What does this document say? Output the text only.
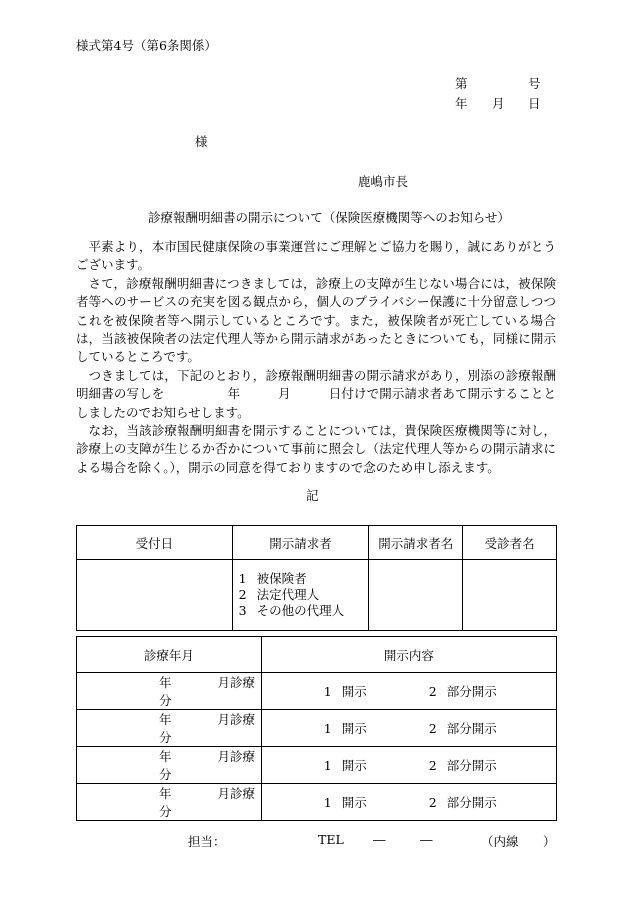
様式第4号（第6条関係）
第	号
年 月 日
様
鹿嶋市長
診療報酬明細書の開示について（保険医療機関等へのお知らせ）

平素より，本市国民健康保険の事業運営にご理解とご協力を賜り，誠にありがとうございます。

さて，診療報酬明細書につきましては，診療上の支障が生じない場合には，被保険者等へのサービスの充実を図る観点から，個人のプライバシー保護に十分留意しつつこれを被保険者等へ開示しているところです。また，被保険者が死亡している場合は，当該被保険者の法定代理人等から開示請求があったときについても，同様に開示しているところです。

つきましては，下記のとおり，診療報酬明細書の開示請求があり，別添の診療報酬明細書の写しを　　　　　年　　　月　　　日付けで開示請求者あて開示することとしましたのでお知らせします。

なお，当該診療報酬明細書を開示することについては，貴保険医療機関等に対し，診療上の支障が生じるか否かについて事前に照会し（法定代理人等からの開示請求による場合を除く。），開示の同意を得ておりますので念のため申し添えます。

記
受付日	開示請求者	開示請求者名	受診者名

	1 被保険者
2 法定代理人
3 その他の代理人		

診療年月	開示内容
年 月診療分	1 開示 2 部分開示
年 月診療分	1 開示 2 部分開示
年 月診療分	1 開示 2 部分開示
年 月診療分	1 開示 2 部分開示
担当：	TEL ―	―	（内線 ）
